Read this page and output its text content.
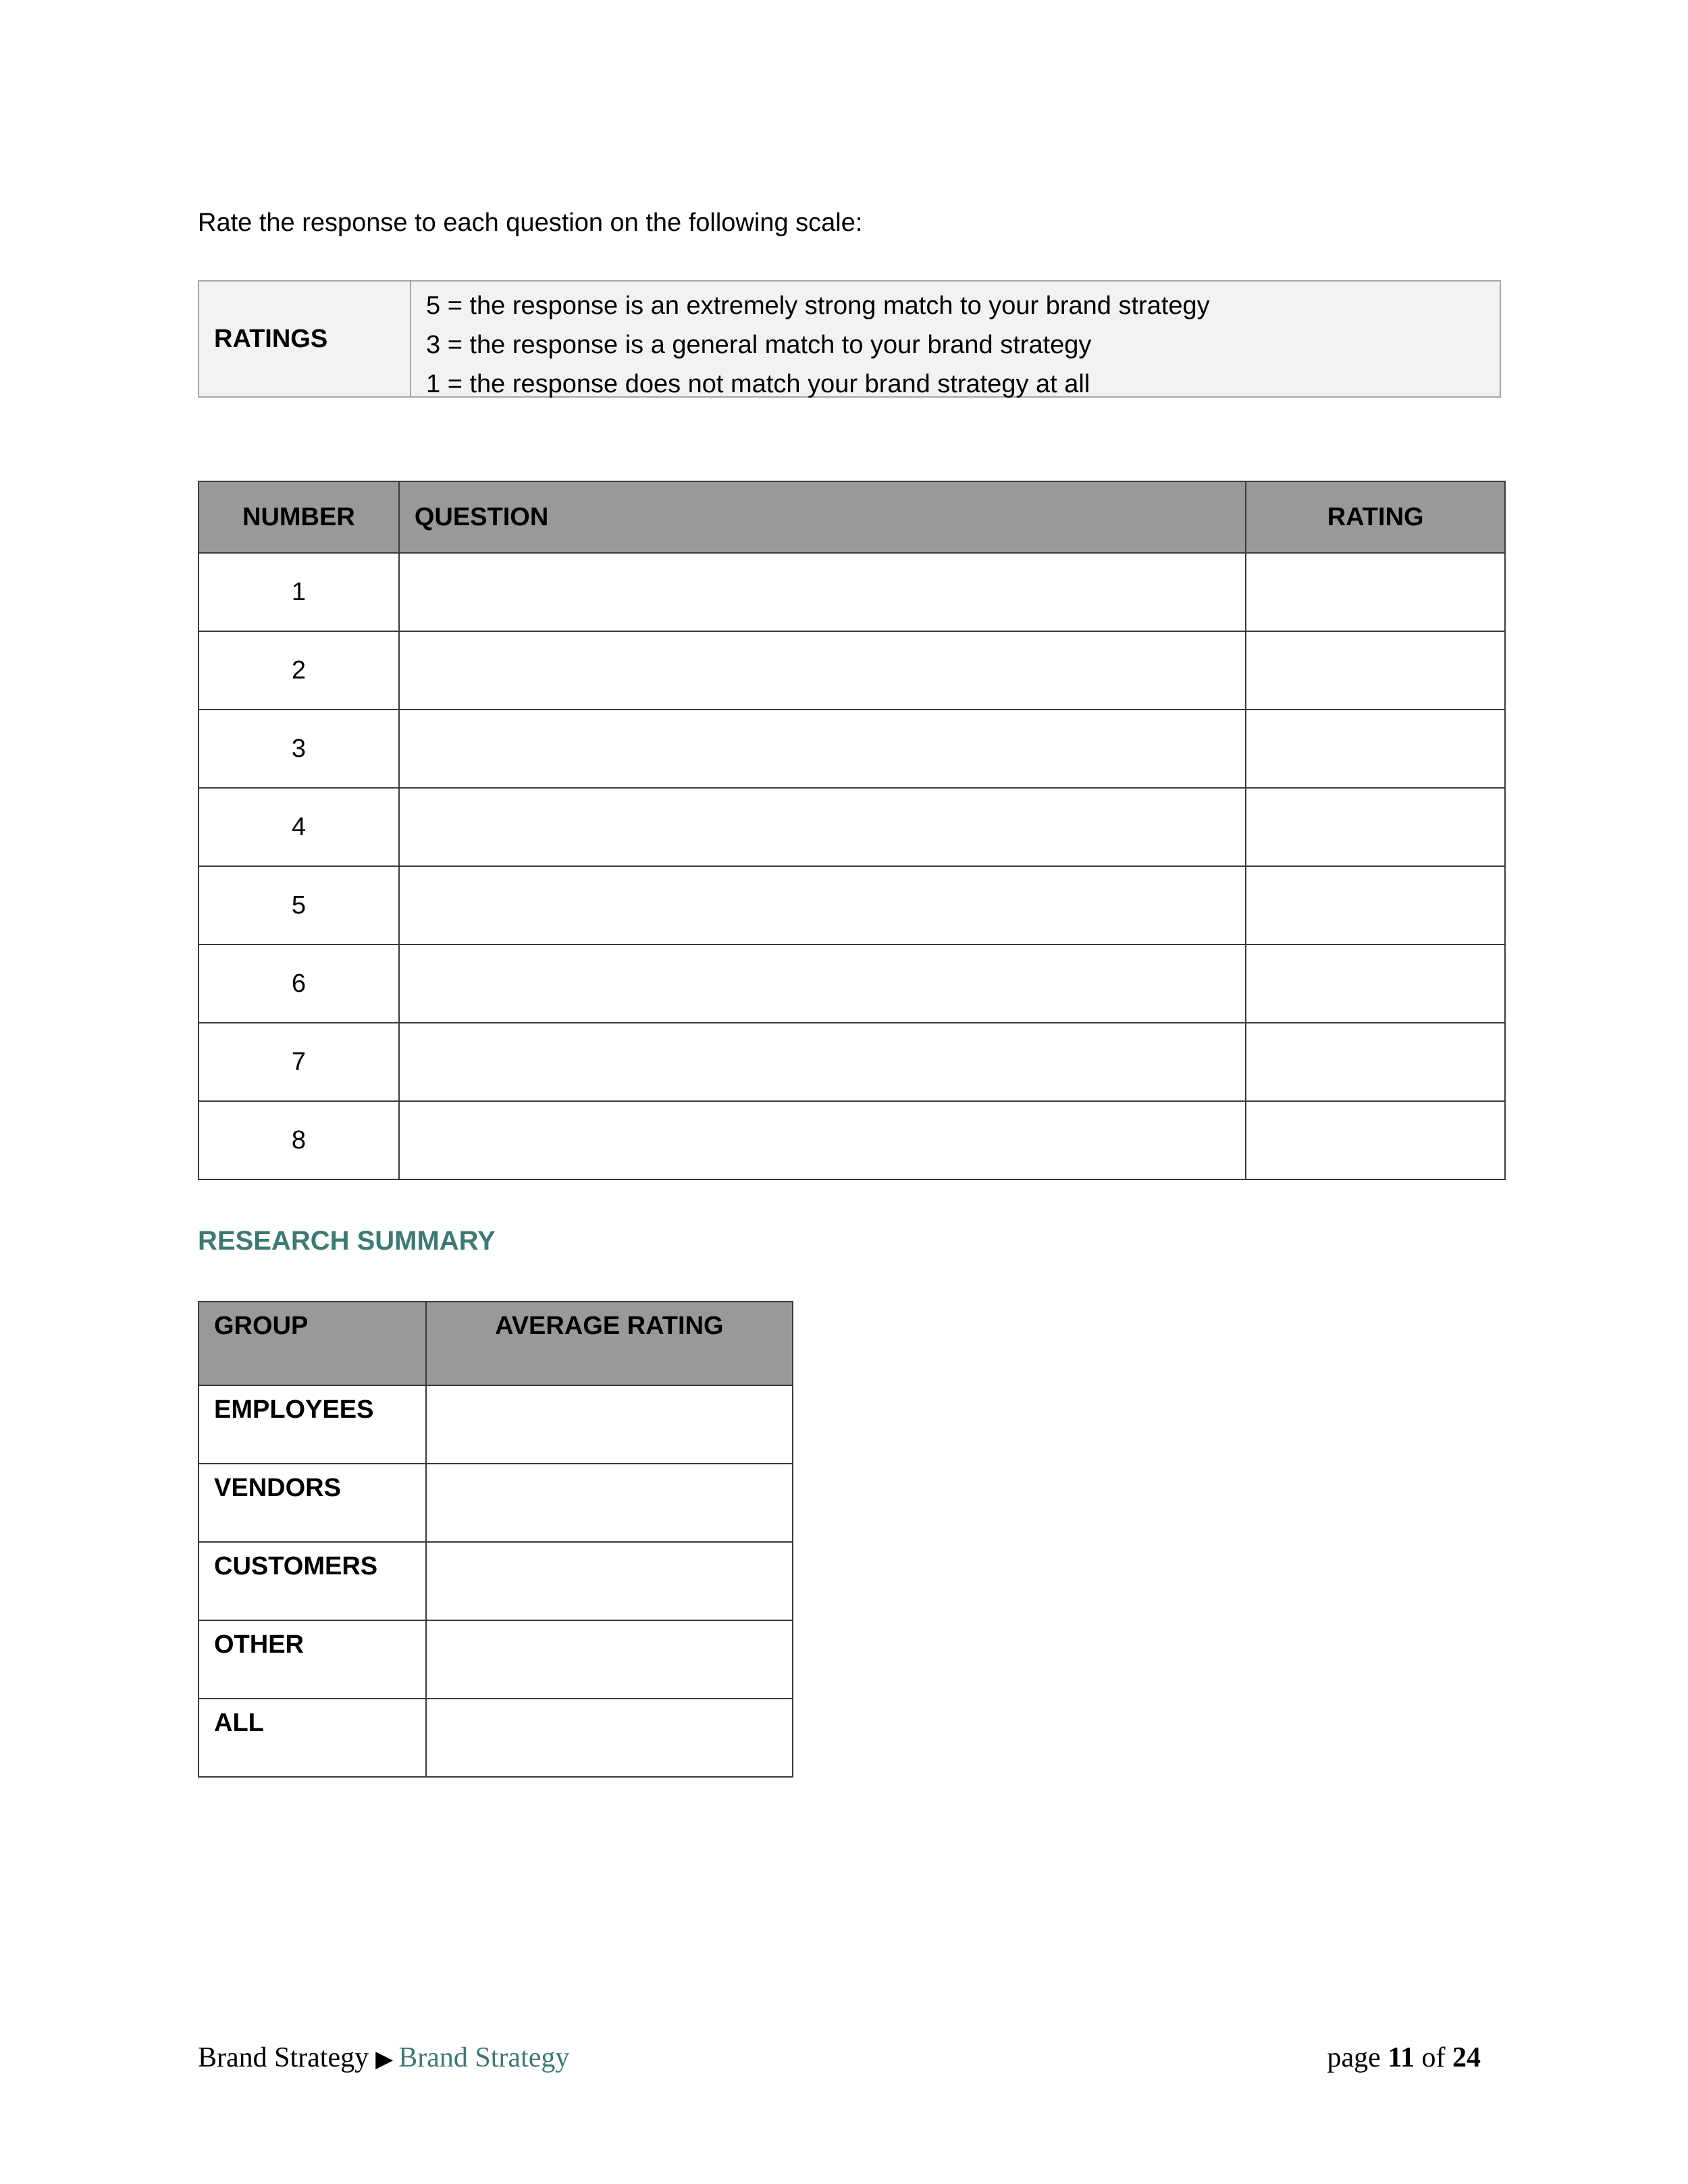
Rate the response to each question on the following scale:
RATINGS
5 = the response is an extremely strong match to your brand strategy
3 = the response is a general match to your brand strategy
1 = the response does not match your brand strategy at all
NUMBER	QUESTION	RATING
1		
2		
3		
4		
5		
6		
7		
8		
RESEARCH SUMMARY
GROUP	AVERAGE RATING
EMPLOYEES	
VENDORS	
CUSTOMERS	
OTHER	
ALL	
Brand Strategy ▶ Brand Strategy	page 11 of 24
